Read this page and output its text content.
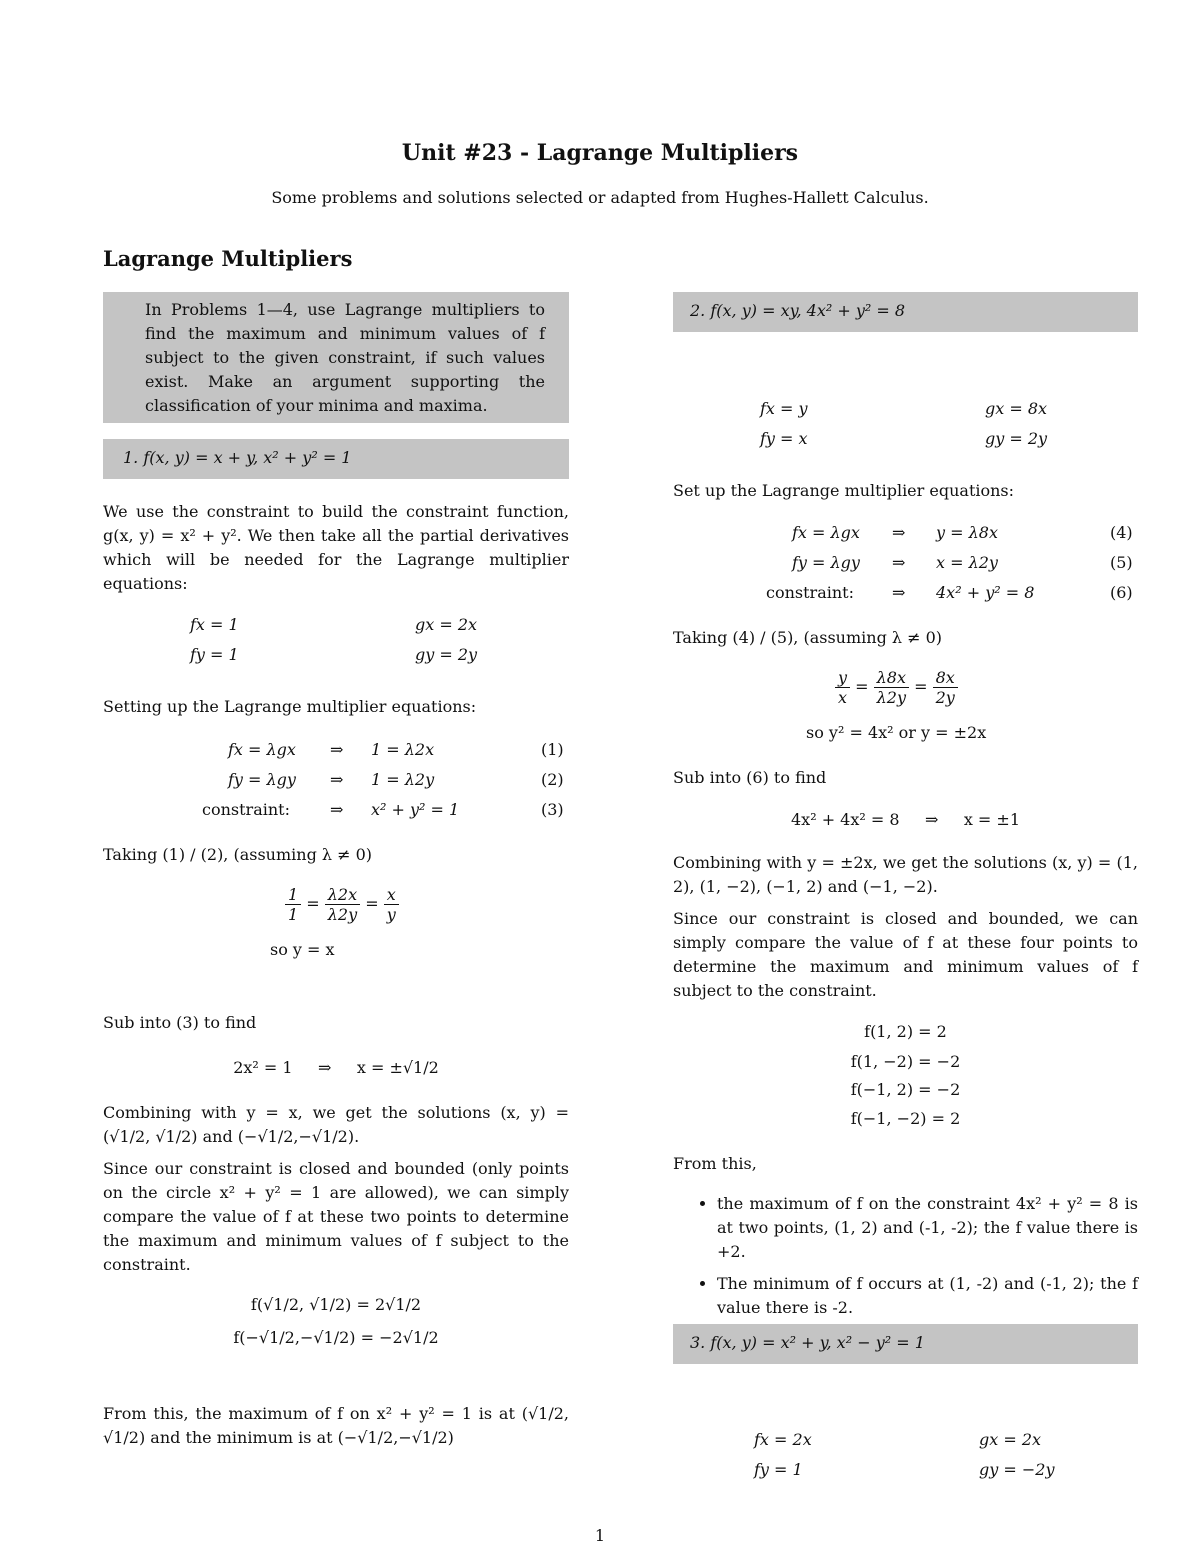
Unit #23 - Lagrange Multipliers
Some problems and solutions selected or adapted from Hughes-Hallett Calculus.
Lagrange Multipliers
In Problems 1—4, use Lagrange multipliers to find the maximum and minimum values of f subject to the given constraint, if such values exist. Make an argument supporting the classification of your minima and maxima.
1. f(x, y) = x + y, x² + y² = 1
We use the constraint to build the constraint function, g(x, y) = x² + y². We then take all the partial derivatives which will be needed for the Lagrange multiplier equations:
fx = 1	gx = 2x
fy = 1	gy = 2y
Setting up the Lagrange multiplier equations:
fx = λgx ⇒ 1 = λ2x	(1)
fy = λgy ⇒ 1 = λ2y	(2)
constraint:	⇒ x² + y² = 1	(3)
Taking (1) / (2), (assuming λ ≠ 0)
$\frac{1}{1} = \frac{\lambda 2x}{\lambda 2y} = \frac{x}{y}$
so y = x
Sub into (3) to find
2x² = 1     ⇒     x = ±√1/2
Combining with y = x, we get the solutions (x, y) = (√1/2, √1/2) and (−√1/2,−√1/2).
Since our constraint is closed and bounded (only points on the circle x² + y² = 1 are allowed), we can simply compare the value of f at these two points to determine the maximum and minimum values of f subject to the constraint.
f(√1/2, √1/2) = 2√1/2
f(−√1/2,−√1/2) = −2√1/2
From this, the maximum of f on x² + y² = 1 is at (√1/2, √1/2) and the minimum is at (−√1/2,−√1/2)
2. f(x, y) = xy, 4x² + y² = 8
fx = y	gx = 8x
fy = x	gy = 2y
Set up the Lagrange multiplier equations:
fx = λgx ⇒ y = λ8x	(4)
fy = λgy ⇒ x = λ2y	(5)
constraint: ⇒ 4x² + y² = 8	(6)
Taking (4) / (5), (assuming λ ≠ 0)
$\frac{y}{x} = \frac{\lambda 8x}{\lambda 2y} = \frac{8x}{2y}$
so y² = 4x² or y = ±2x
Sub into (6) to find
4x² + 4x² = 8     ⇒     x = ±1
Combining with y = ±2x, we get the solutions (x, y) = (1, 2), (1, −2), (−1, 2) and (−1, −2).
Since our constraint is closed and bounded, we can simply compare the value of f at these four points to determine the maximum and minimum values of f subject to the constraint.
f(1, 2) = 2
f(1, −2) = −2
f(−1, 2) = −2
f(−1, −2) = 2
From this,
• the maximum of f on the constraint 4x² + y² = 8 is at two points, (1, 2) and (-1, -2); the f value there is +2.
• The minimum of f occurs at (1, -2) and (-1, 2); the f value there is -2.
3. f(x, y) = x² + y, x² − y² = 1
fx = 2x	gx = 2x
fy = 1	gy = −2y
1
